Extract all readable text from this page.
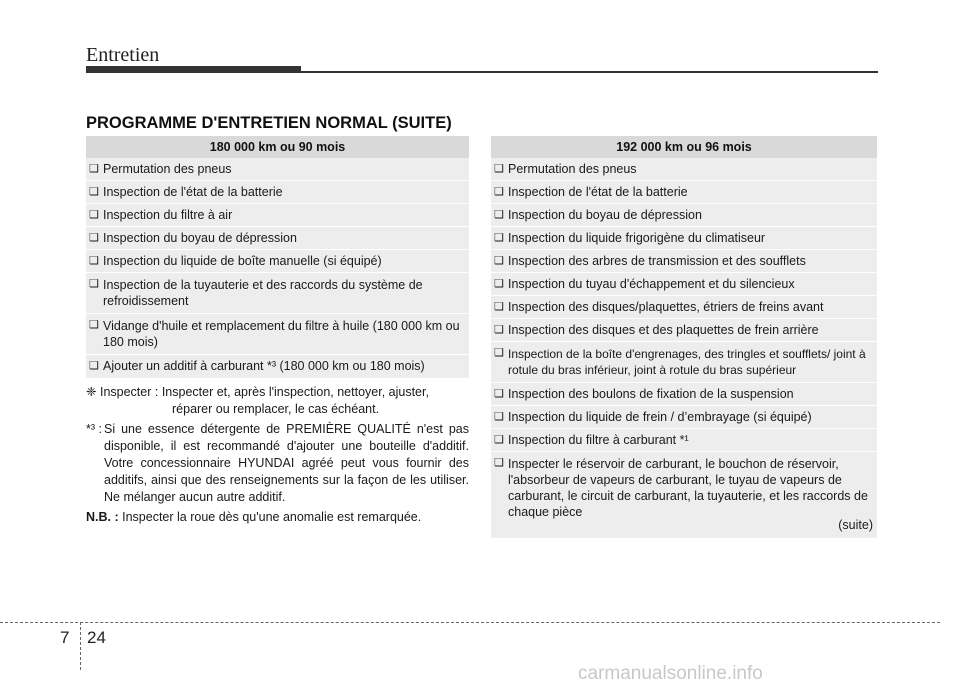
Entretien
PROGRAMME D'ENTRETIEN NORMAL (SUITE)
180 000 km ou 90 mois
❑ Permutation des pneus
❑ Inspection de l'état de la batterie
❑ Inspection du filtre à air
❑ Inspection du boyau de dépression
❑ Inspection du liquide de boîte manuelle (si équipé)
❑ Inspection de la tuyauterie et des raccords du système de refroidissement
❑ Vidange d'huile et remplacement du filtre à huile (180 000 km ou 180 mois)
❑ Ajouter un additif à carburant *³ (180 000 km ou 180 mois)
192 000 km ou 96 mois
❑ Permutation des pneus
❑ Inspection de l'état de la batterie
❑ Inspection du boyau de dépression
❑ Inspection du liquide frigorigène du climatiseur
❑ Inspection des arbres de transmission et des soufflets
❑ Inspection du tuyau d'échappement et du silencieux
❑ Inspection des disques/plaquettes, étriers de freins avant
❑ Inspection des disques et des plaquettes de frein arrière
❑ Inspection de la boîte d'engrenages, des tringles et soufflets/ joint à rotule du bras inférieur, joint à rotule du bras supérieur
❑ Inspection des boulons de fixation de la suspension
❑ Inspection du liquide de frein / d’embrayage (si équipé)
❑ Inspection du filtre à carburant *¹
❑ Inspecter le réservoir de carburant, le bouchon de réservoir, l'absorbeur de vapeurs de carburant, le tuyau de vapeurs de carburant, le circuit de carburant, la tuyauterie, et les raccords de chaque pièce
(suite)
❈ Inspecter : Inspecter et, après l'inspection, nettoyer, ajuster,
réparer ou remplacer, le cas échéant.
*³ : Si une essence détergente de PREMIÈRE QUALITÉ n'est pas disponible, il est recommandé d'ajouter une bouteille d'additif. Votre concessionnaire HYUNDAI agréé peut vous fournir des additifs, ainsi que des renseignements sur la façon de les utiliser. Ne mélanger aucun autre additif.
N.B. : Inspecter la roue dès qu'une anomalie est remarquée.
7 24
carmanualsonline.info
